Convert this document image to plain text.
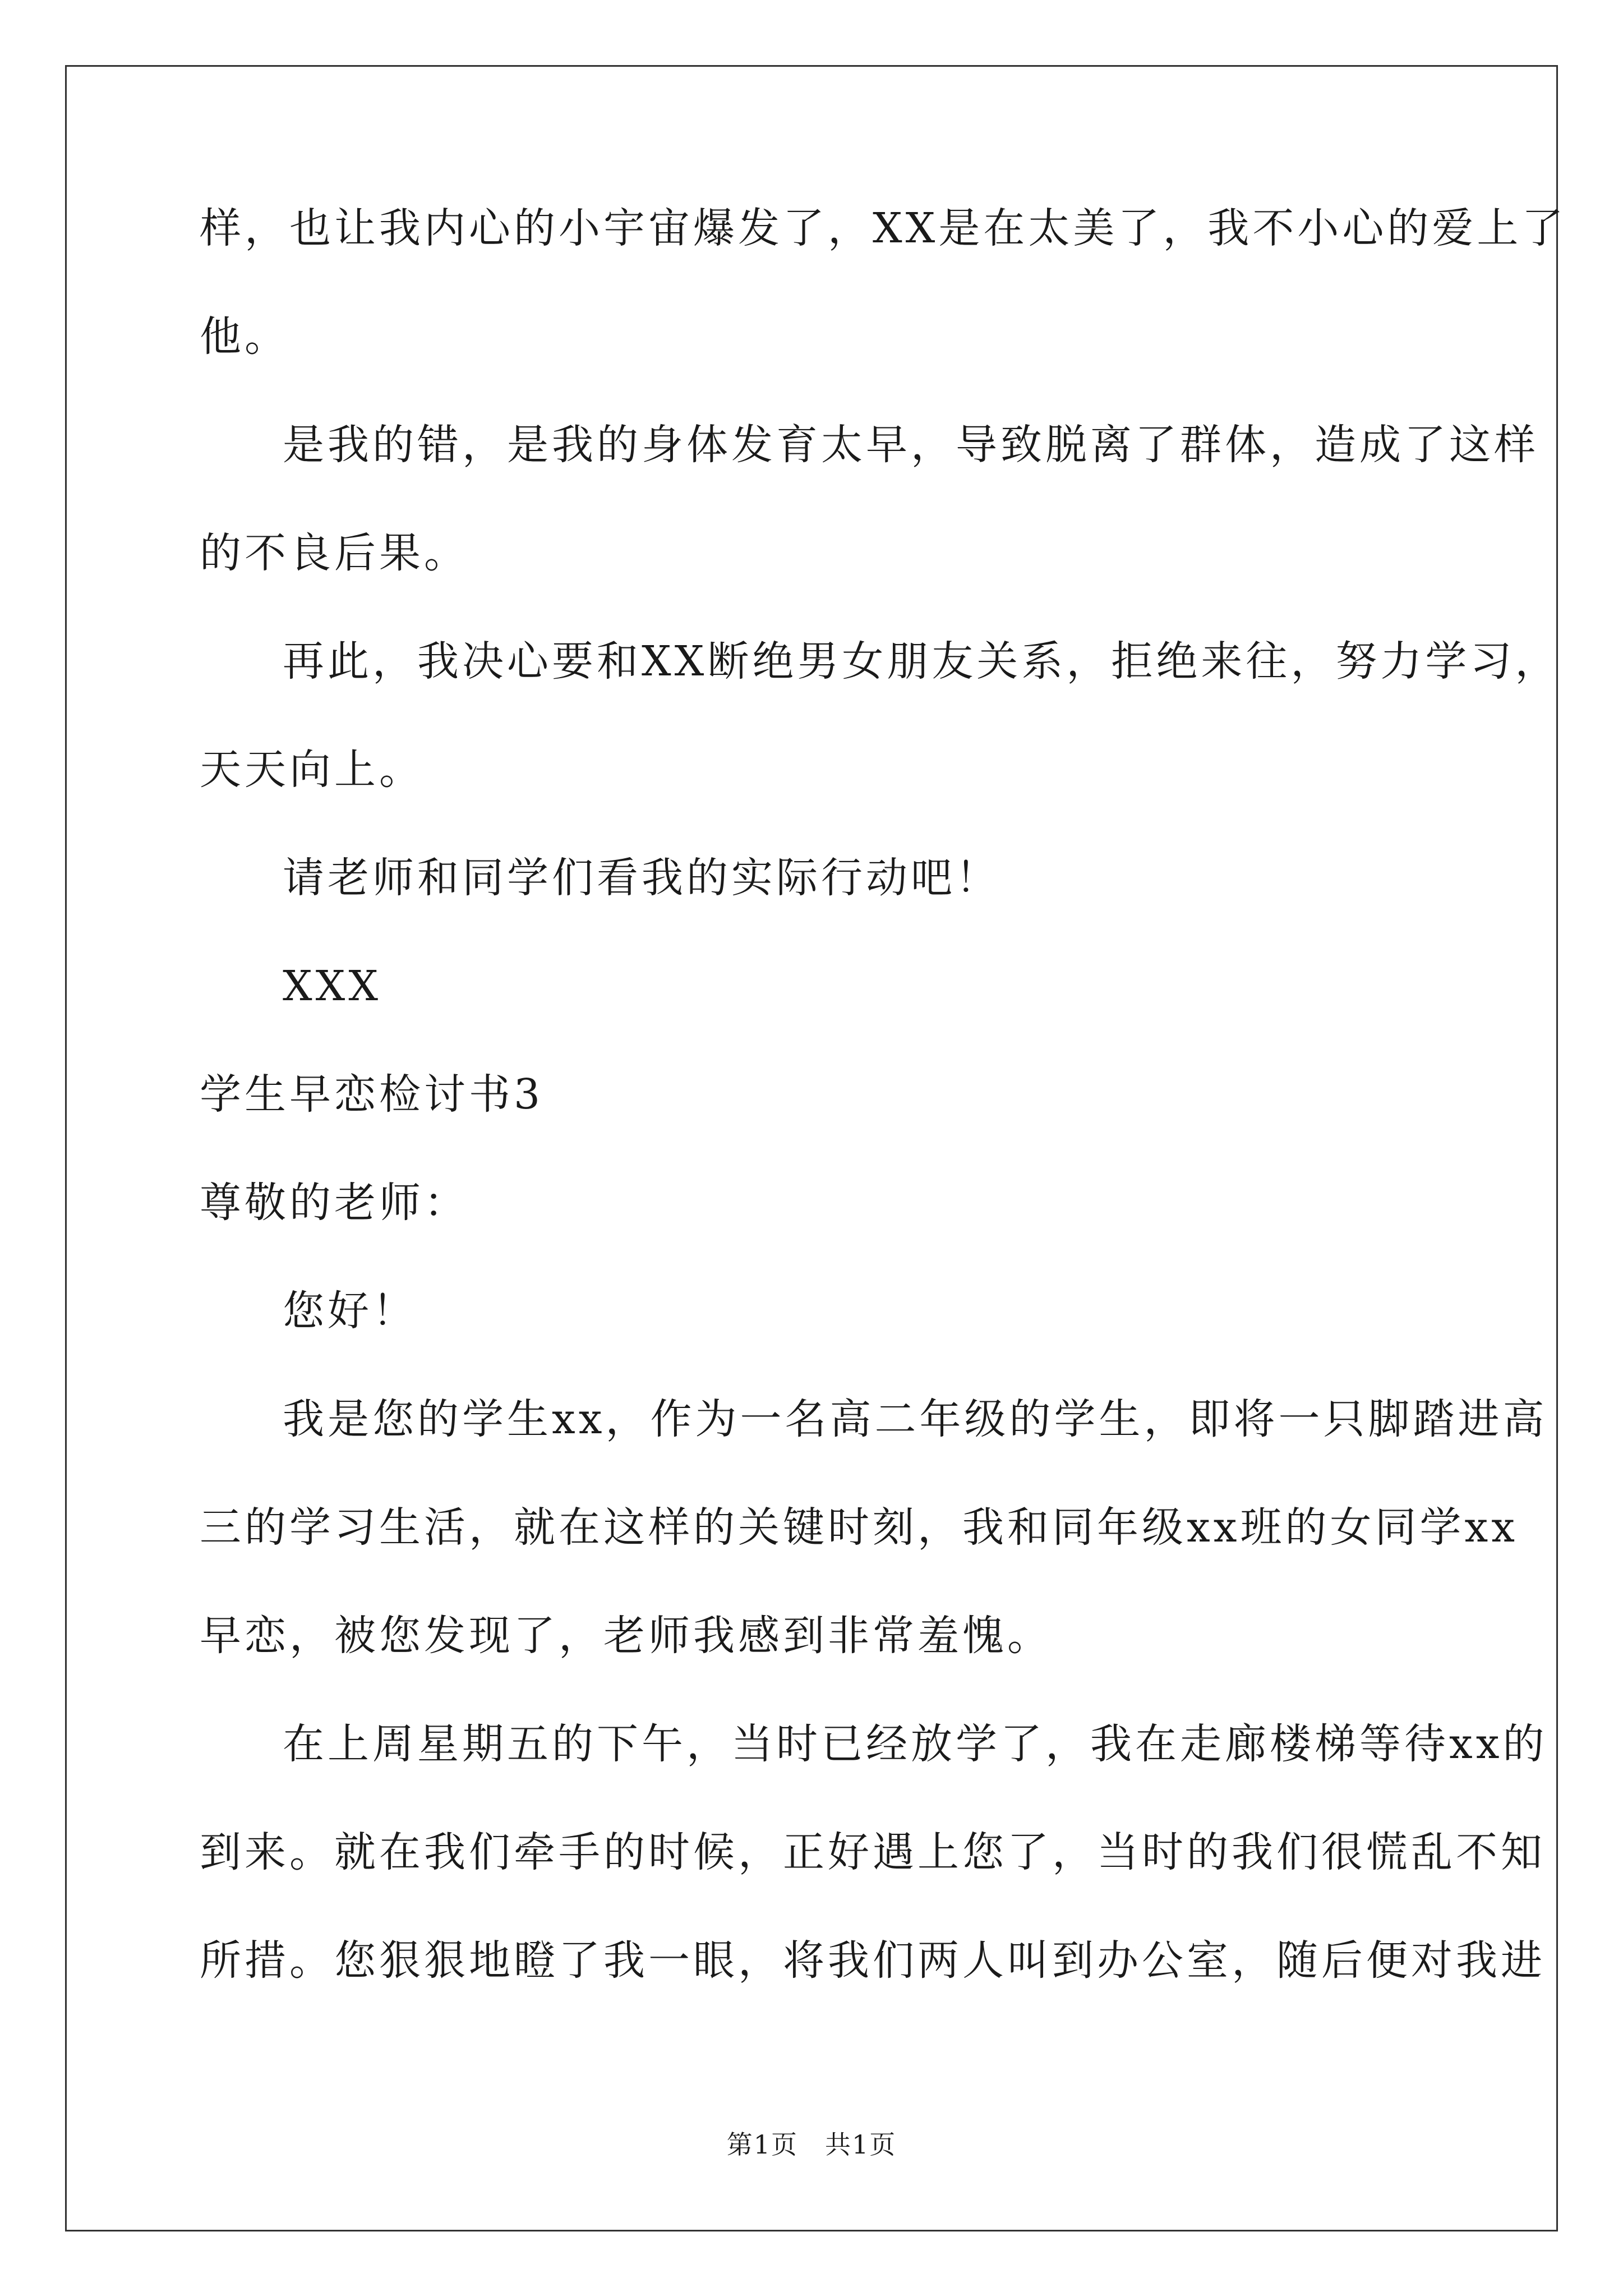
样，也让我内心的小宇宙爆发了，XX是在太美了，我不小心的爱上了

他。

是我的错，是我的身体发育太早，导致脱离了群体，造成了这样

的不良后果。

再此，我决心要和XX断绝男女朋友关系，拒绝来往，努力学习，

天天向上。

请老师和同学们看我的实际行动吧！

XXX

学生早恋检讨书3

尊敬的老师：

您好！

我是您的学生xx，作为一名高二年级的学生，即将一只脚踏进高

三的学习生活，就在这样的关键时刻，我和同年级xx班的女同学xx

早恋，被您发现了，老师我感到非常羞愧。

在上周星期五的下午，当时已经放学了，我在走廊楼梯等待xx的

到来。就在我们牵手的时候，正好遇上您了，当时的我们很慌乱不知

所措。您狠狠地瞪了我一眼，将我们两人叫到办公室，随后便对我进

第1页　共1页
